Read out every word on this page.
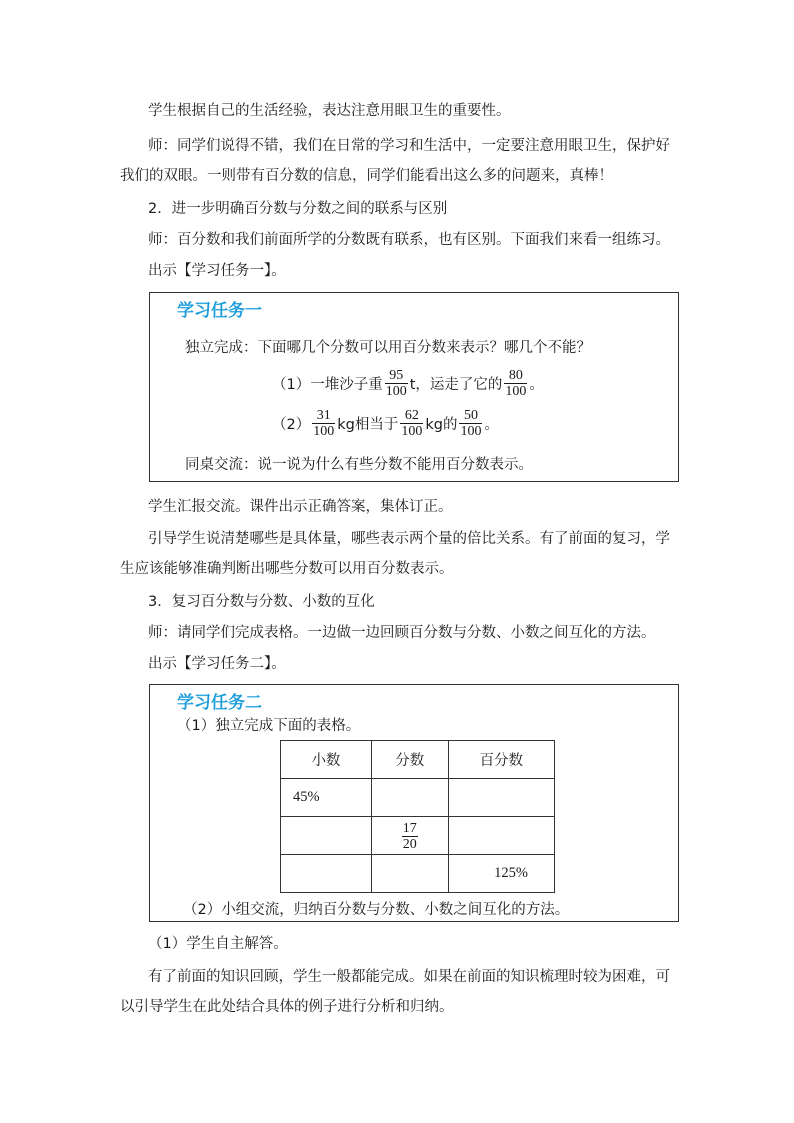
学生根据自己的生活经验，表达注意用眼卫生的重要性。

师：同学们说得不错，我们在日常的学习和生活中，一定要注意用眼卫生，保护好我们的双眼。一则带有百分数的信息，同学们能看出这么多的问题来，真棒！

2．进一步明确百分数与分数之间的联系与区别

师：百分数和我们前面所学的分数既有联系，也有区别。下面我们来看一组练习。

出示【学习任务一】。

学习任务一
独立完成：下面哪几个分数可以用百分数来表示？哪几个不能？
（1）一堆沙子重 $\frac{95}{100}$ t，运走了它的 $\frac{80}{100}$ 。
$(2) \frac{31}{100}$ kg相当于 $\frac{62}{100}$ kg的 $\frac{50}{100}$ 。
同桌交流：说一说为什么有些分数不能用百分数表示。

学生汇报交流。课件出示正确答案，集体订正。

引导学生说清楚哪些是具体量，哪些表示两个量的倍比关系。有了前面的复习，学生应该能够准确判断出哪些分数可以用百分数表示。

3．复习百分数与分数、小数的互化

师：请同学们完成表格。一边做一边回顾百分数与分数、小数之间互化的方法。

出示【学习任务二】。

学习任务二
（1）独立完成下面的表格。
小数	分数	百分数
45%		

	$\frac{17}{20}$

		125%
（2）小组交流，归纳百分数与分数、小数之间互化的方法。

（1）学生自主解答。

有了前面的知识回顾，学生一般都能完成。如果在前面的知识梳理时较为困难，可以引导学生在此处结合具体的例子进行分析和归纳。
